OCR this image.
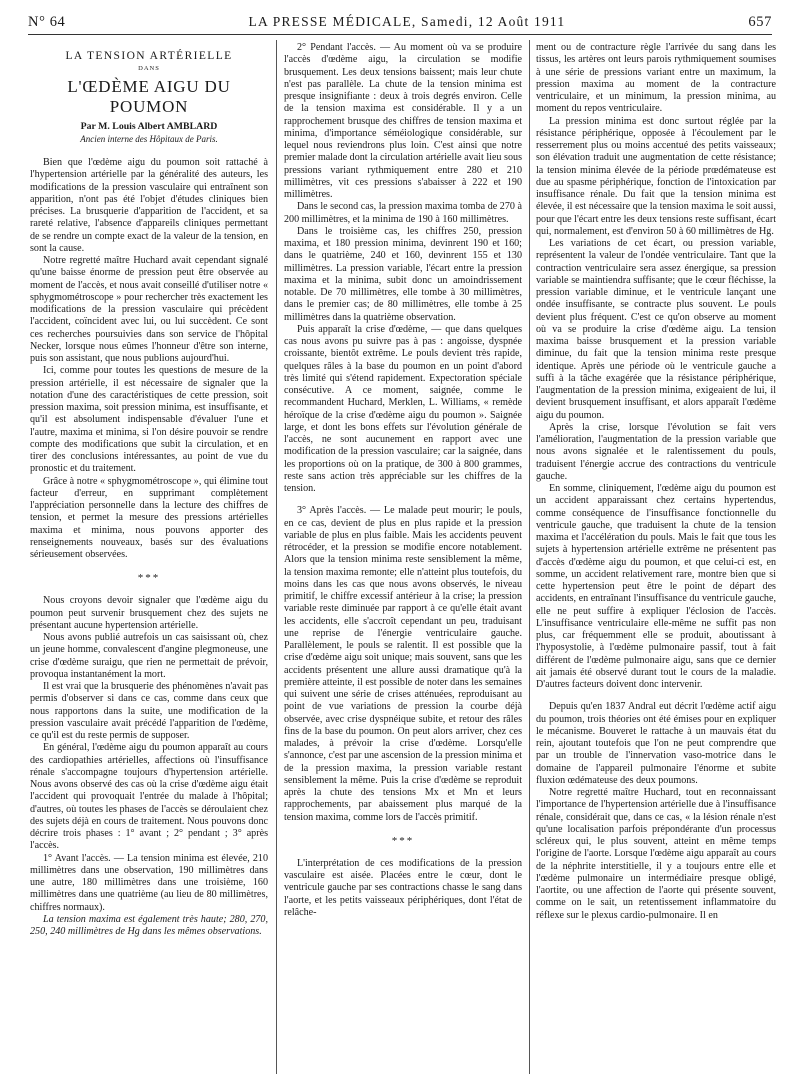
N° 64	LA PRESSE MÉDICALE, Samedi, 12 Août 1911	657
LA TENSION ARTÉRIELLE
DANS
L'ŒDÈME AIGU DU POUMON
Par M. Louis Albert AMBLARD
Ancien interne des Hôpitaux de Paris.

Bien que l'œdème aigu du poumon soit rattaché à l'hypertension artérielle par la généralité des auteurs, les modifications de la pression vasculaire qui entraînent son apparition, n'ont pas été l'objet d'études cliniques bien précises. La brusquerie d'apparition de l'accident, et sa rareté relative, l'absence d'appareils cliniques permettant de se rendre un compte exact de la valeur de la tension, en sont la cause.

Notre regretté maître Huchard avait cependant signalé qu'une baisse énorme de pression peut être observée au moment de l'accès, et nous avait conseillé d'utiliser notre « sphygmométroscope » pour rechercher très exactement les modifications de la pression vasculaire qui précèdent l'accident, coïncident avec lui, ou lui succèdent. Ce sont ces recherches poursuivies dans son service de l'hôpital Necker, lorsque nous eûmes l'honneur d'être son interne, puis son assistant, que nous publions aujourd'hui.

Ici, comme pour toutes les questions de mesure de la pression artérielle, il est nécessaire de signaler que la notation d'une des caractéristiques de cette pression, soit pression maxima, soit pression minima, est insuffisante, et qu'il est absolument indispensable d'évaluer l'une et l'autre, maxima et minima, si l'on désire pouvoir se rendre compte des modifications que subit la circulation, et en tirer des conclusions intéressantes, au point de vue du pronostic et du traitement.

Grâce à notre « sphygmométroscope », qui élimine tout facteur d'erreur, en supprimant complètement l'appréciation personnelle dans la lecture des chiffres de tension, et permet la mesure des pressions artérielles maxima et minima, nous pouvons apporter des renseignements nouveaux, basés sur des évaluations sérieusement observées.

***

Nous croyons devoir signaler que l'œdème aigu du poumon peut survenir brusquement chez des sujets ne présentant aucune hypertension artérielle.

Nous avons publié autrefois un cas saisissant où, chez un jeune homme, convalescent d'angine plegmoneuse, une crise d'œdème suraigu, que rien ne permettait de prévoir, provoqua instantanément la mort.

Il est vrai que la brusquerie des phénomènes n'avait pas permis d'observer si dans ce cas, comme dans ceux que nous rapportons dans la suite, une modification de la pression vasculaire avait précédé l'apparition de l'œdème, ce qu'il est du reste permis de supposer.

En général, l'œdème aigu du poumon apparaît au cours des cardiopathies artérielles, affections où l'insuffisance rénale s'accompagne toujours d'hypertension artérielle. Nous avons observé des cas où la crise d'œdème aigu était l'accident qui provoquait l'entrée du malade à l'hôpital; d'autres, où toutes les phases de l'accès se déroulaient chez des sujets déjà en cours de traitement. Nous pouvons donc décrire trois phases : 1° avant ; 2° pendant ; 3° après l'accès.

1° Avant l'accès. — La tension minima est élevée, 210 millimètres dans une observation, 190 millimètres dans une autre, 180 millimètres dans une troisième, 160 millimètres dans une quatrième (au lieu de 80 millimètres, chiffres normaux).

La tension maxima est également très haute; 280, 270, 250, 240 millimètres de Hg dans les mêmes observations.

2° Pendant l'accès. — Au moment où va se produire l'accès d'œdème aigu, la circulation se modifie brusquement. Les deux tensions baissent; mais leur chute n'est pas parallèle. La chute de la tension minima est presque insignifiante : deux à trois degrés environ. Celle de la tension maxima est considérable. Il y a un rapprochement brusque des chiffres de tension maxima et minima, d'importance séméiologique considérable, sur lequel nous reviendrons plus loin. C'est ainsi que notre premier malade dont la circulation artérielle avait lieu sous pressions variant rythmiquement entre 280 et 210 millimètres, vit ces pressions s'abaisser à 222 et 190 millimètres.

Dans le second cas, la pression maxima tomba de 270 à 200 millimètres, et la minima de 190 à 160 millimètres.

Dans le troisième cas, les chiffres 250, pression maxima, et 180 pression minima, devinrent 190 et 160; dans le quatrième, 240 et 160, devinrent 155 et 130 millimètres. La pression variable, l'écart entre la pression maxima et la minima, subit donc un amoindrissement notable. De 70 millimètres, elle tombe à 30 millimètres, dans le premier cas; de 80 millimètres, elle tombe à 25 millimètres dans la quatrième observation.

Puis apparaît la crise d'œdème, — que dans quelques cas nous avons pu suivre pas à pas : angoisse, dyspnée croissante, bientôt extrême. Le pouls devient très rapide, quelques râles à la base du poumon en un point d'abord très limité qui s'étend rapidement. Expectoration spéciale consécutive. A ce moment, saignée, comme le recommandent Huchard, Merklen, L. Williams, « remède héroïque de la crise d'œdème aigu du poumon ». Saignée large, et dont les bons effets sur l'évolution générale de l'accès, ne sont aucunement en rapport avec une modification de la pression vasculaire; car la saignée, dans les proportions où on la pratique, de 300 à 800 grammes, reste sans action très appréciable sur les chiffres de la tension.

3° Après l'accès. — Le malade peut mourir; le pouls, en ce cas, devient de plus en plus rapide et la pression variable de plus en plus faible. Mais les accidents peuvent rétrocéder, et la pression se modifie encore notablement. Alors que la tension minima reste sensiblement la même, la tension maxima remonte; elle n'atteint plus toutefois, du moins dans les cas que nous avons observés, le niveau primitif, le chiffre excessif antérieur à la crise; la pression variable reste diminuée par rapport à ce qu'elle était avant les accidents, elle s'accroît cependant un peu, traduisant une reprise de l'énergie ventriculaire gauche. Parallèlement, le pouls se ralentit. Il est possible que la crise d'œdème aigu soit unique; mais souvent, sans que les accidents présentent une allure aussi dramatique qu'à la première atteinte, il est possible de noter dans les semaines qui suivent une série de crises atténuées, reproduisant au point de vue variations de pression la courbe déjà observée, avec crise dyspnéique subite, et retour des râles fins de la base du poumon. On peut alors arriver, chez ces malades, à prévoir la crise d'œdème. Lorsqu'elle s'annonce, c'est par une ascension de la pression minima et de la pression maxima, la pression variable restant sensiblement la même. Puis la crise d'œdème se reproduit après la chute des tensions Mx et Mn et leurs rapprochements, par abaissement plus marqué de la tension maxima, comme lors de l'accès primitif.

***

L'interprétation de ces modifications de la pression vasculaire est aisée. Placées entre le cœur, dont le ventricule gauche par ses contractions chasse le sang dans l'aorte, et les petits vaisseaux périphériques, dont l'état de relâche-

ment ou de contracture règle l'arrivée du sang dans les tissus, les artères ont leurs parois rythmiquement soumises à une série de pressions variant entre un maximum, la pression maxima au moment de la contracture ventriculaire, et un minimum, la pression minima, au moment du repos ventriculaire.

La pression minima est donc surtout réglée par la résistance périphérique, opposée à l'écoulement par le resserrement plus ou moins accentué des petits vaisseaux; son élévation traduit une augmentation de cette résistance; la tension minima élevée de la période prœdémateuse est due au spasme périphérique, fonction de l'intoxication par insuffisance rénale. Du fait que la tension minima est élevée, il est nécessaire que la tension maxima le soit aussi, pour que l'écart entre les deux tensions reste suffisant, écart qui, normalement, est d'environ 50 à 60 millimètres de Hg.

Les variations de cet écart, ou pression variable, représentent la valeur de l'ondée ventriculaire. Tant que la contraction ventriculaire sera assez énergique, sa pression variable se maintiendra suffisante; que le cœur fléchisse, la pression variable diminue, et le ventricule lançant une ondée insuffisante, se contracte plus souvent. Le pouls devient plus fréquent. C'est ce qu'on observe au moment où va se produire la crise d'œdème aigu. La tension maxima baisse brusquement et la pression variable diminue, du fait que la tension minima reste presque identique. Après une période où le ventricule gauche a suffi à la tâche exagérée que la résistance périphérique, l'augmentation de la pression minima, exigeaient de lui, il devient brusquement insuffisant, et alors apparaît l'œdème aigu du poumon.

Après la crise, lorsque l'évolution se fait vers l'amélioration, l'augmentation de la pression variable que nous avons signalée et le ralentissement du pouls, traduisent l'énergie accrue des contractions du ventricule gauche.

En somme, cliniquement, l'œdème aigu du poumon est un accident apparaissant chez certains hypertendus, comme conséquence de l'insuffisance fonctionnelle du ventricule gauche, que traduisent la chute de la tension maxima et l'accélération du pouls. Mais le fait que tous les sujets à hypertension artérielle extrême ne présentent pas d'accès d'œdème aigu du poumon, et que celui-ci est, en somme, un accident relativement rare, montre bien que si cette hypertension peut être le point de départ des accidents, en entraînant l'insuffisance du ventricule gauche, elle ne peut suffire à expliquer l'éclosion de l'accès. L'insuffisance ventriculaire elle-même ne suffit pas non plus, car fréquemment elle se produit, aboutissant à l'hyposystolie, à l'œdème pulmonaire passif, tout à fait différent de l'œdème pulmonaire aigu, sans que ce dernier ait jamais été observé durant tout le cours de la maladie. D'autres facteurs doivent donc intervenir.

Depuis qu'en 1837 Andral eut décrit l'œdème actif aigu du poumon, trois théories ont été émises pour en expliquer le mécanisme. Bouveret le rattache à un mauvais état du rein, ajoutant toutefois que l'on ne peut comprendre que par un trouble de l'innervation vaso-motrice dans le domaine de l'appareil pulmonaire l'énorme et subite fluxion œdémateuse des deux poumons.

Notre regretté maître Huchard, tout en reconnaissant l'importance de l'hypertension artérielle due à l'insuffisance rénale, considérait que, dans ce cas, « la lésion rénale n'est qu'une localisation parfois prépondérante d'un processus scléreux qui, le plus souvent, atteint en même temps l'origine de l'aorte. Lorsque l'œdème aigu apparaît au cours de la néphrite interstitielle, il y a toujours entre elle et l'œdème pulmonaire un intermédiaire presque obligé, l'aortite, ou une affection de l'aorte qui présente souvent, comme on le sait, un retentissement inflammatoire du réflexe sur le plexus cardio-pulmonaire. Il en
